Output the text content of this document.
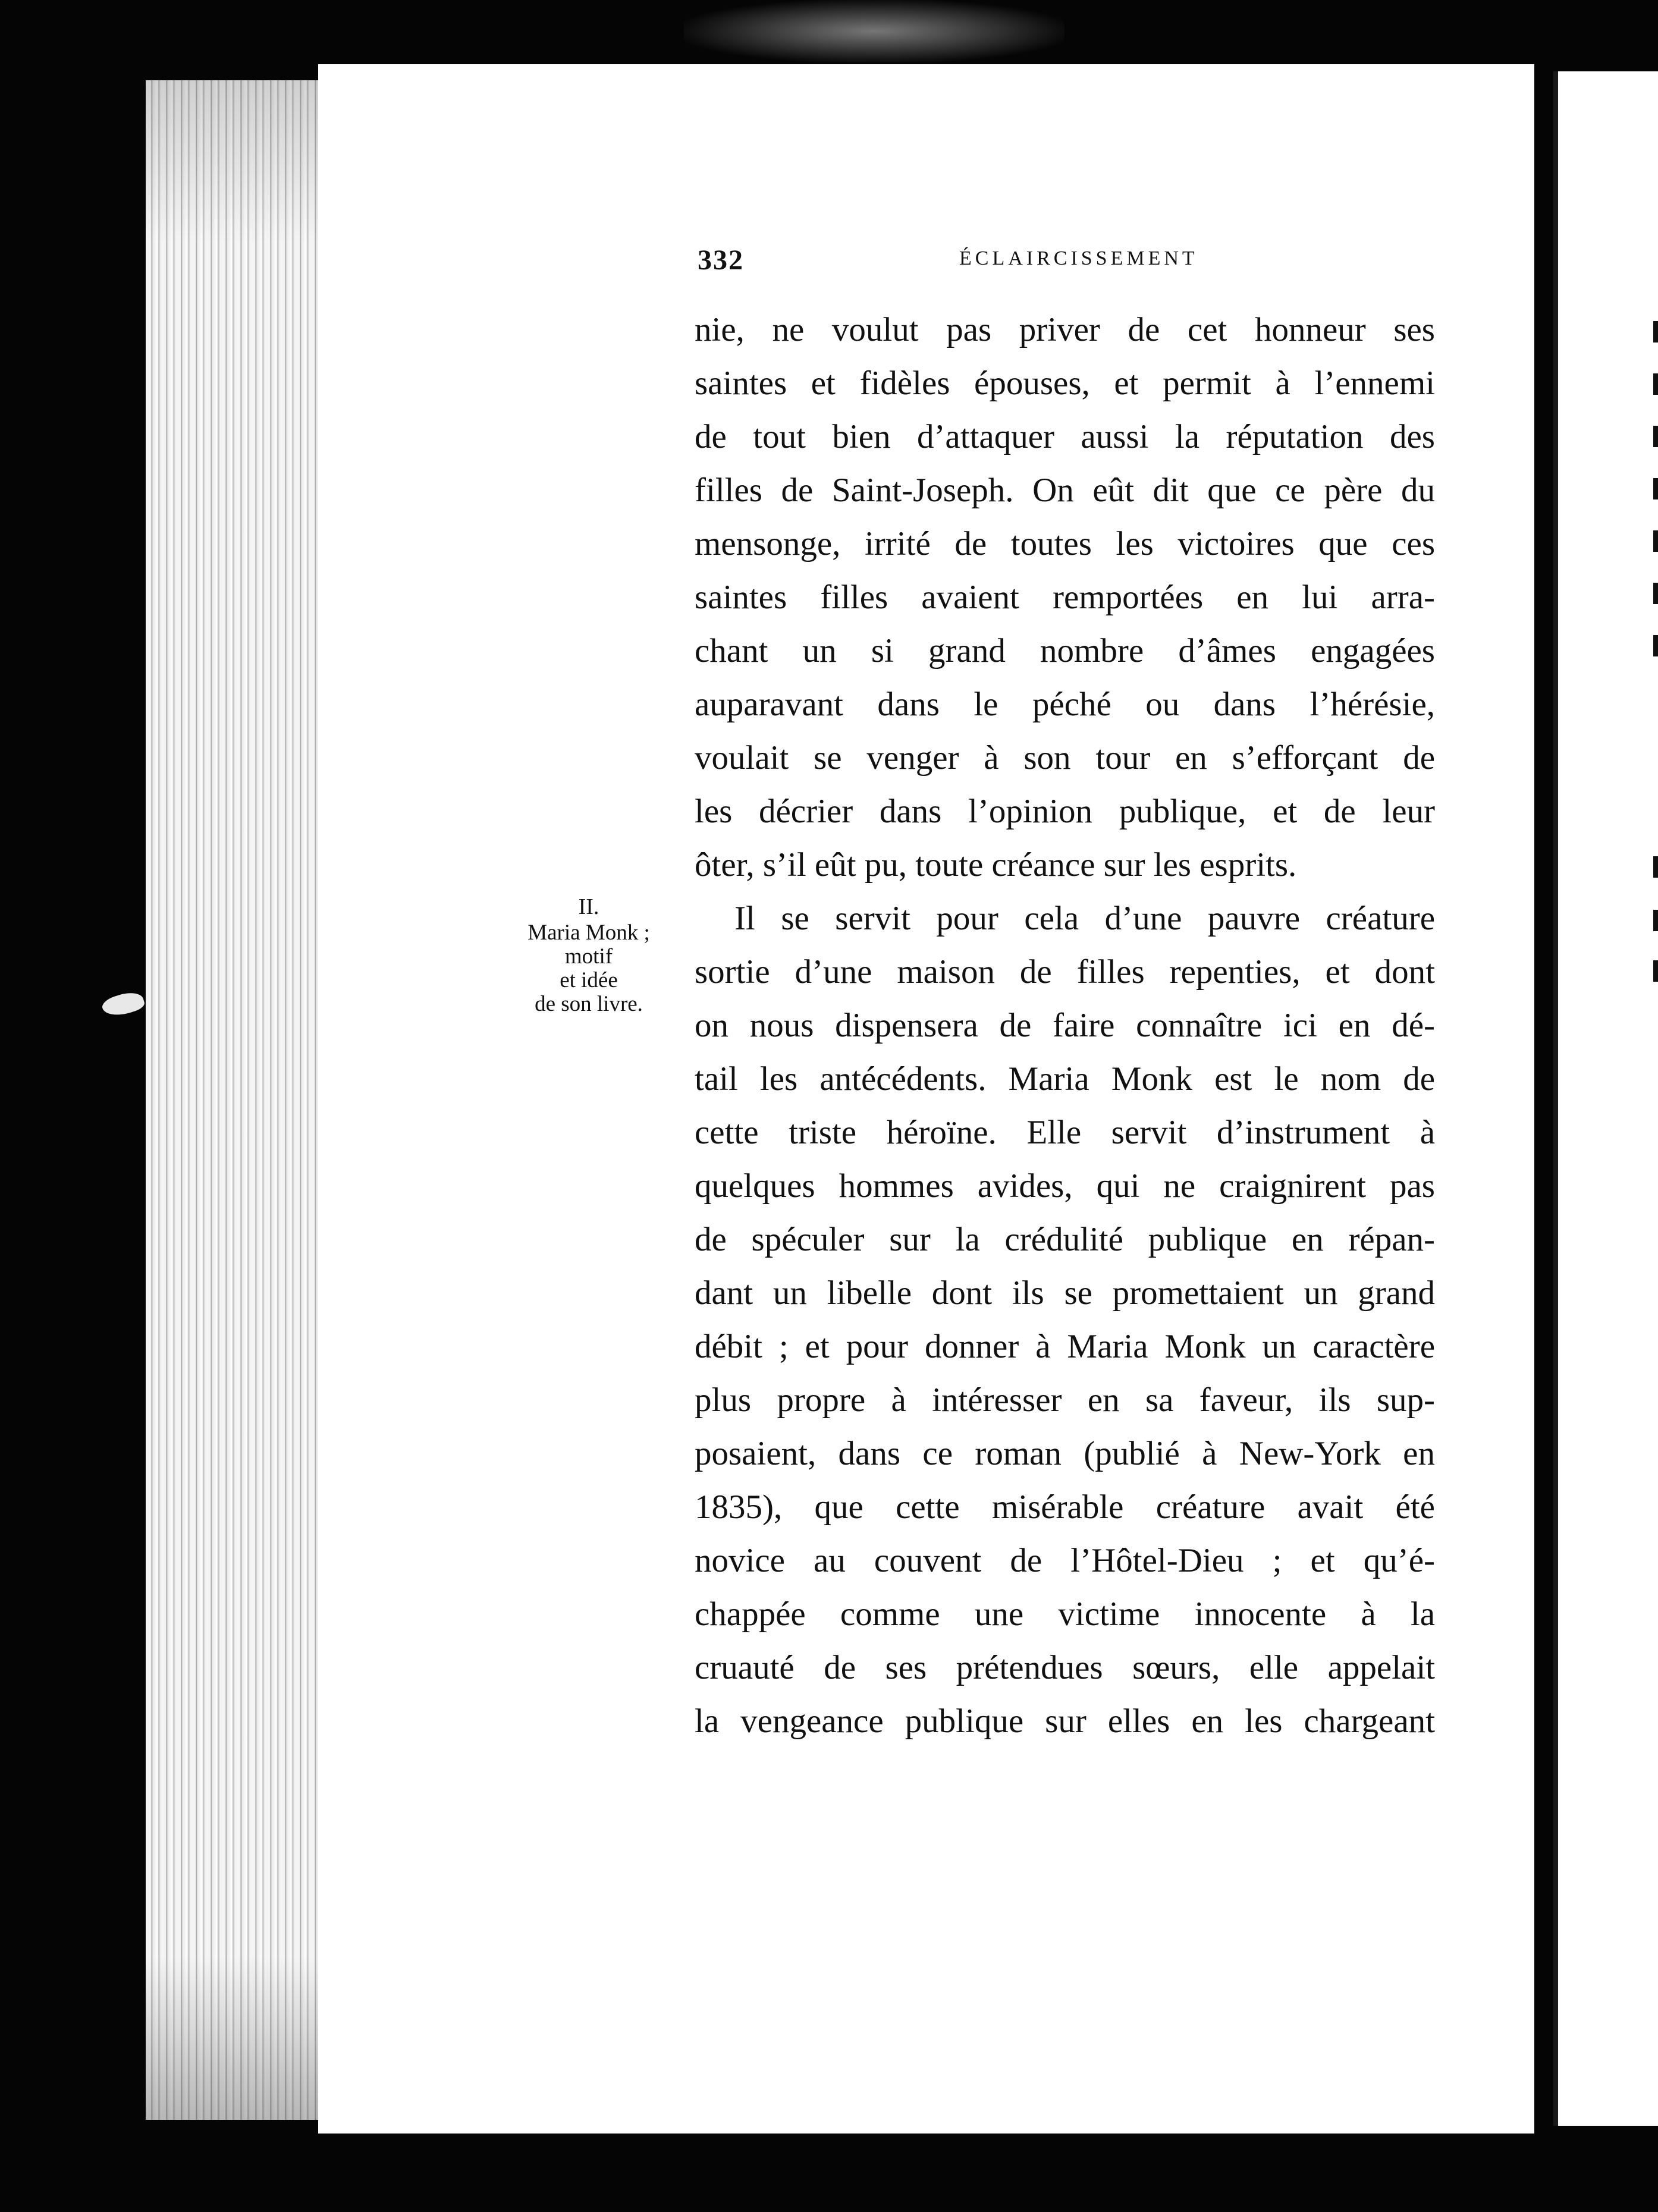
332	ÉCLAIRCISSEMENT
II.
Maria Monk ;
motif
et idée
de son livre.
nie, ne voulut pas priver de cet honneur ses
saintes et fidèles épouses, et permit à l’ennemi
de tout bien d’attaquer aussi la réputation des
filles de Saint-Joseph. On eût dit que ce père du
mensonge, irrité de toutes les victoires que ces
saintes filles avaient remportées en lui arra-
chant un si grand nombre d’âmes engagées
auparavant dans le péché ou dans l’hérésie,
voulait se venger à son tour en s’efforçant de
les décrier dans l’opinion publique, et de leur
ôter, s’il eût pu, toute créance sur les esprits.
Il se servit pour cela d’une pauvre créature
sortie d’une maison de filles repenties, et dont
on nous dispensera de faire connaître ici en dé-
tail les antécédents. Maria Monk est le nom de
cette triste héroïne. Elle servit d’instrument à
quelques hommes avides, qui ne craignirent pas
de spéculer sur la crédulité publique en répan-
dant un libelle dont ils se promettaient un grand
débit ; et pour donner à Maria Monk un caractère
plus propre à intéresser en sa faveur, ils sup-
posaient, dans ce roman (publié à New-York en
1835), que cette misérable créature avait été
novice au couvent de l’Hôtel-Dieu ; et qu’é-
chappée comme une victime innocente à la
cruauté de ses prétendues sœurs, elle appelait
la vengeance publique sur elles en les chargeant
